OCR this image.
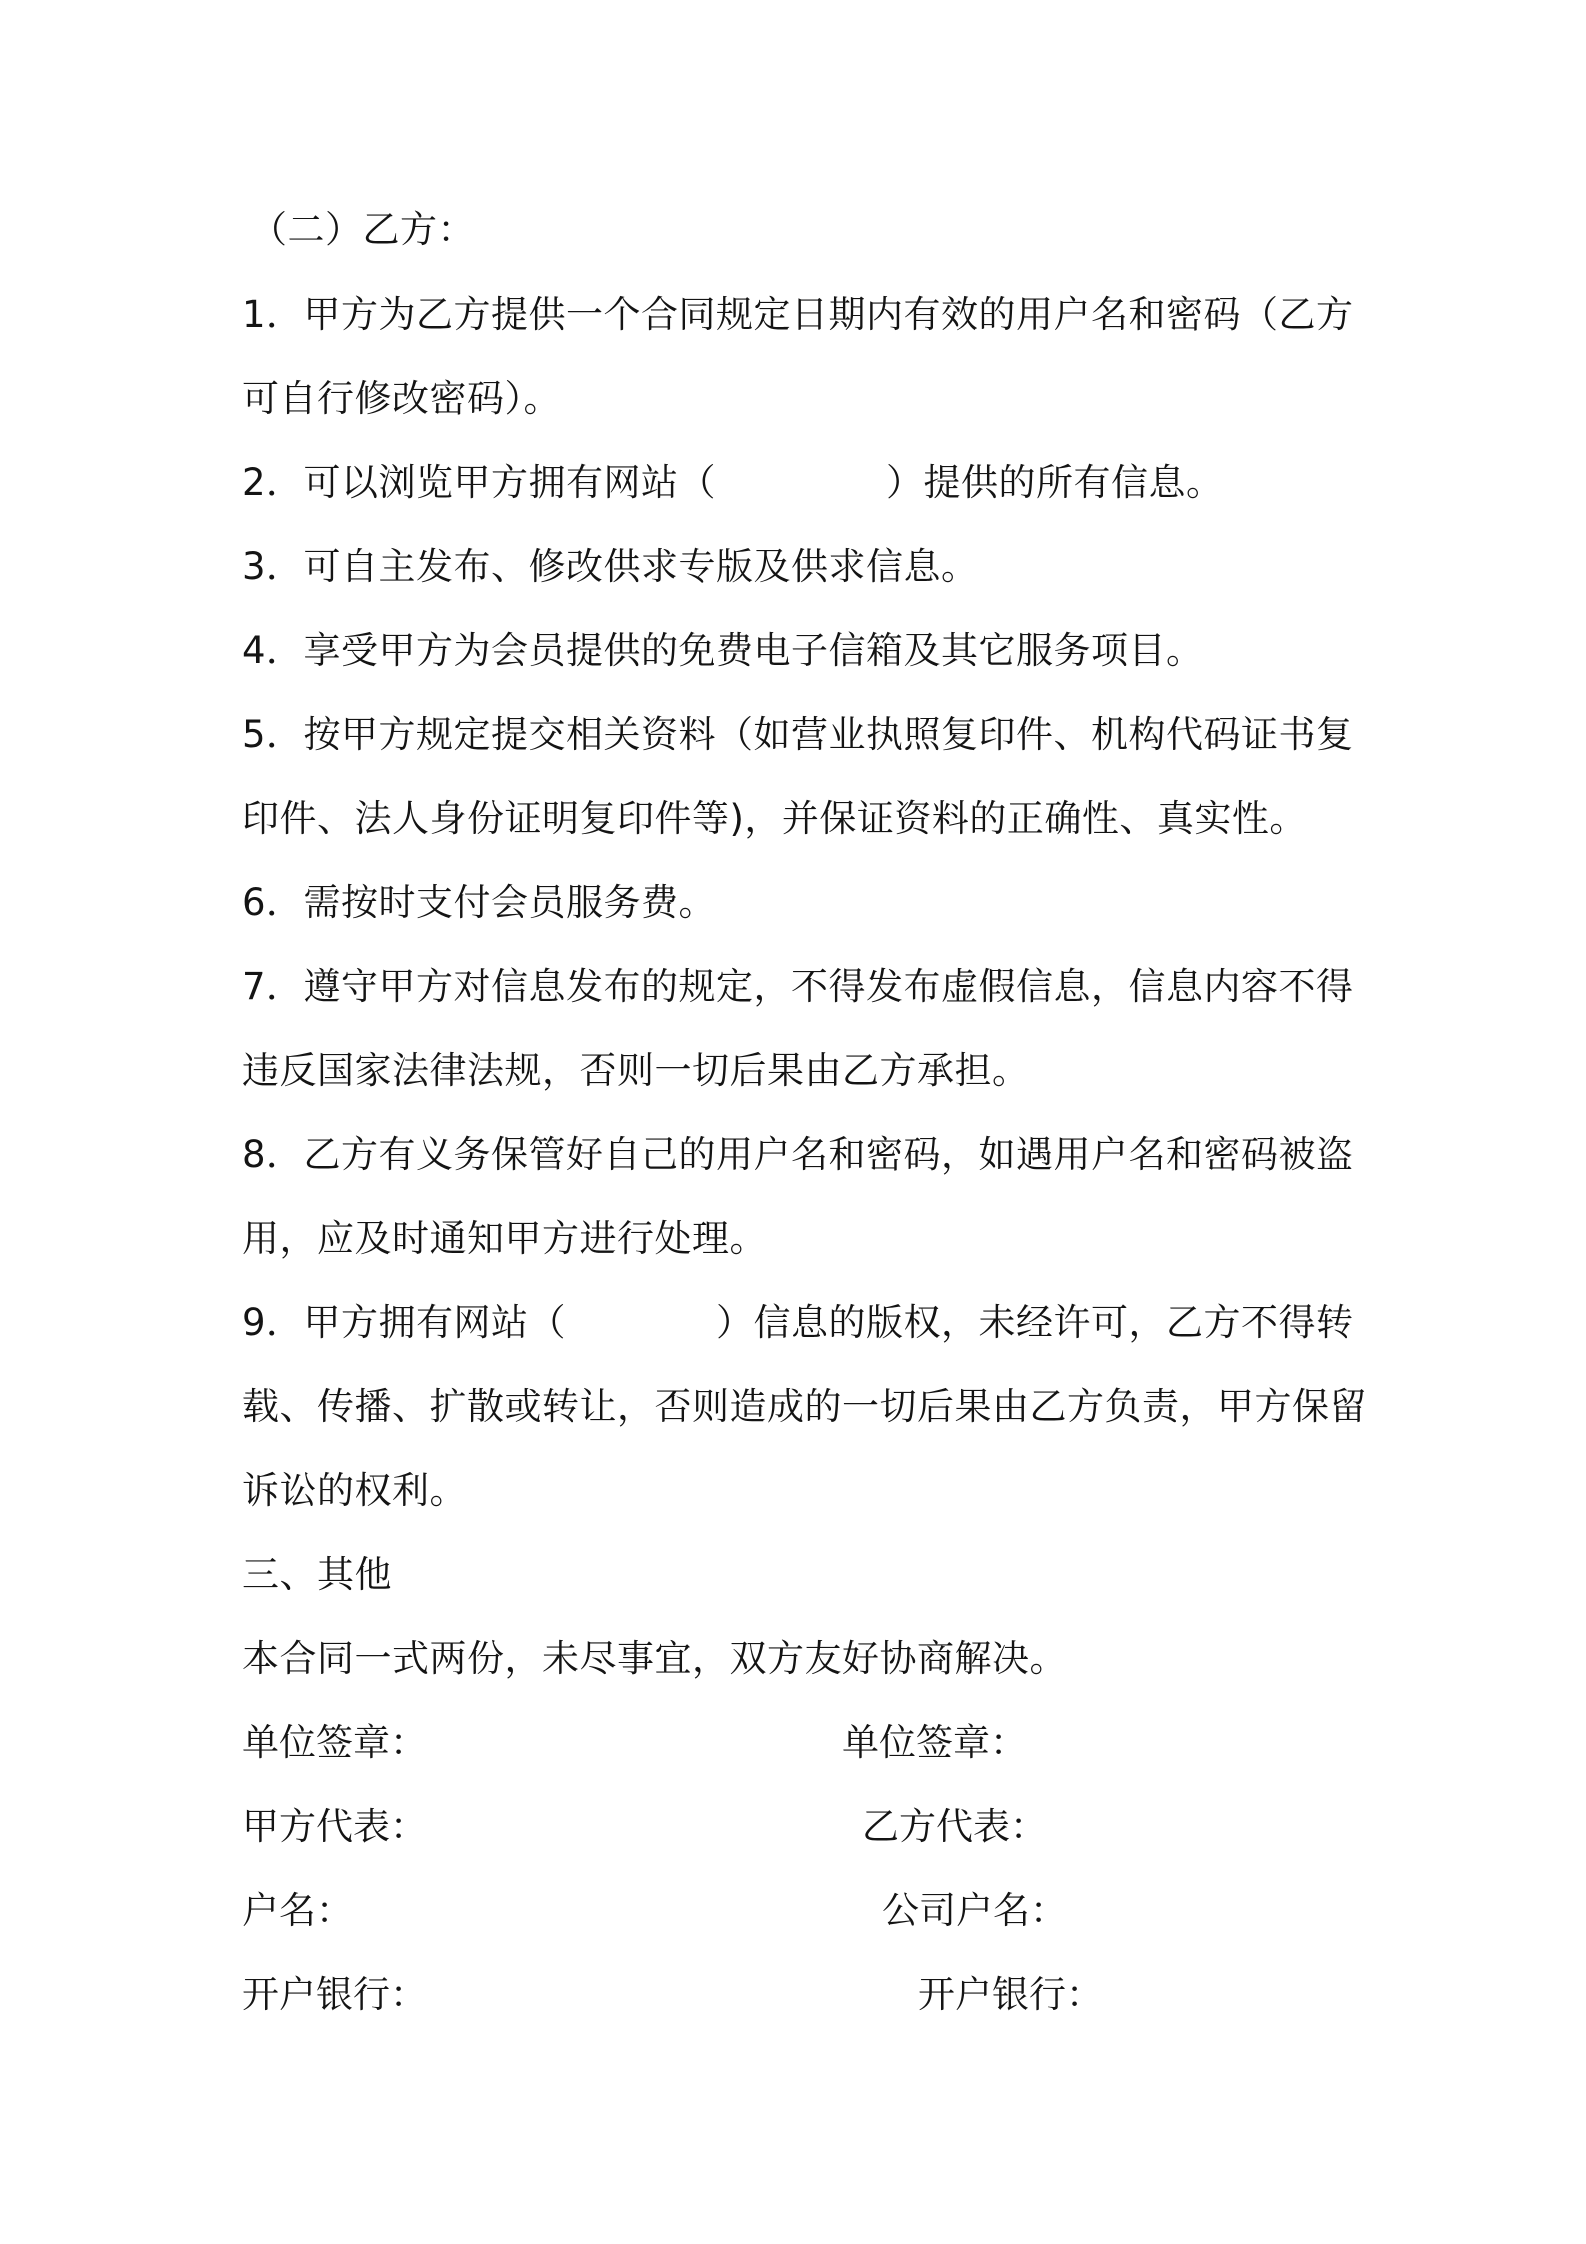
（二）乙方：
1．甲方为乙方提供一个合同规定日期内有效的用户名和密码（乙方
可自行修改密码）。
2．可以浏览甲方拥有网站（	）提供的所有信息。
3．可自主发布、修改供求专版及供求信息。
4．享受甲方为会员提供的免费电子信箱及其它服务项目。
5．按甲方规定提交相关资料（如营业执照复印件、机构代码证书复
印件、法人身份证明复印件等)，并保证资料的正确性、真实性。
6．需按时支付会员服务费。
7．遵守甲方对信息发布的规定，不得发布虚假信息，信息内容不得
违反国家法律法规，否则一切后果由乙方承担。
8．乙方有义务保管好自己的用户名和密码，如遇用户名和密码被盗
用，应及时通知甲方进行处理。
9．甲方拥有网站（	）信息的版权，未经许可，乙方不得转
载、传播、扩散或转让，否则造成的一切后果由乙方负责，甲方保留
诉讼的权利。
三、其他
本合同一式两份，未尽事宜，双方友好协商解决。
单位签章：
甲方代表：
户名：
开户银行：
单位签章：
乙方代表：
公司户名：
开户银行：
